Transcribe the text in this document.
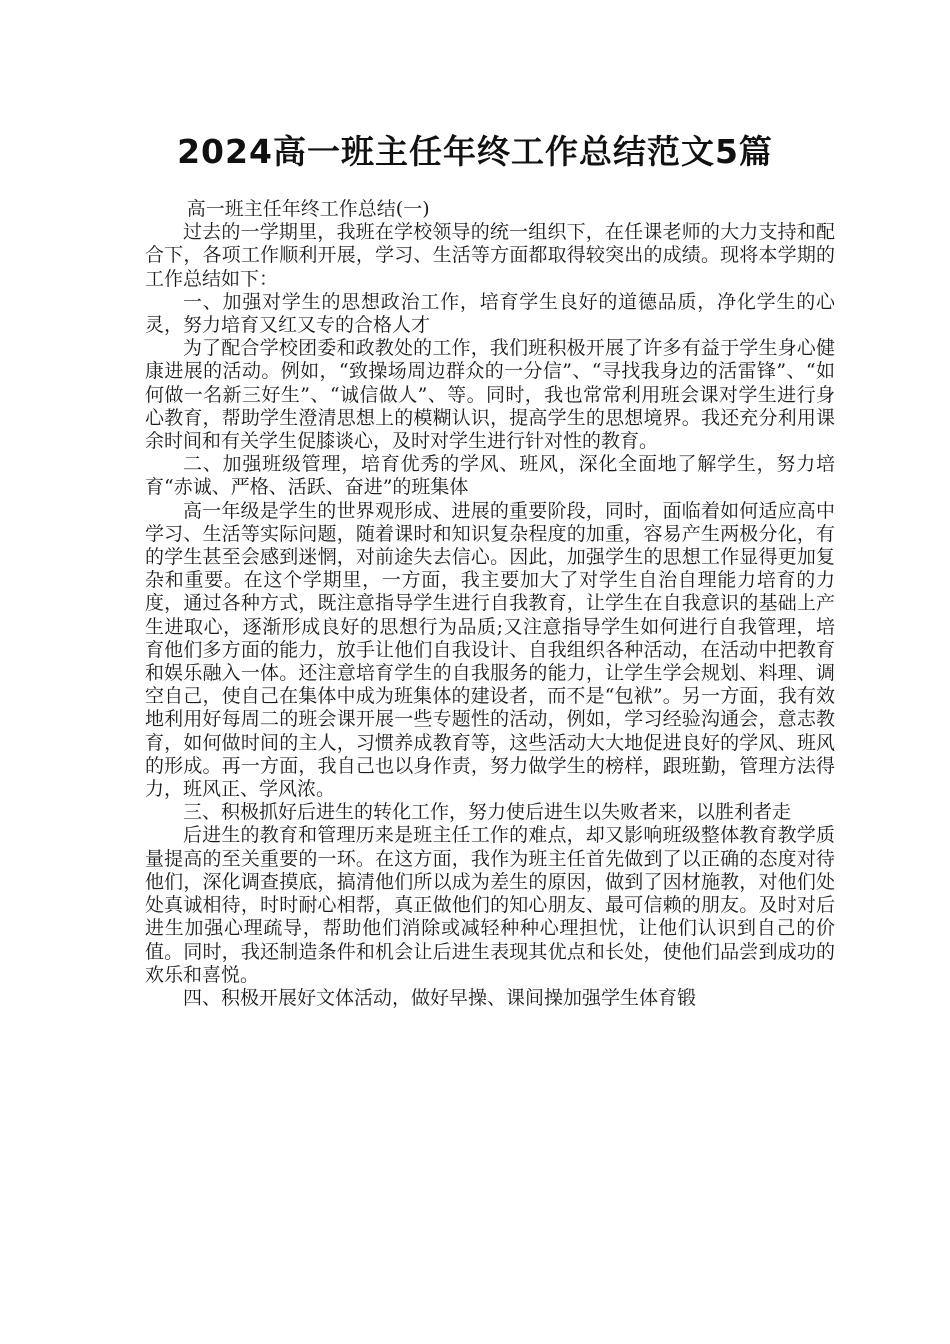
2024高一班主任年终工作总结范文5篇

高一班主任年终工作总结(一)

过去的一学期里，我班在学校领导的统一组织下，在任课老师的大力支持和配合下，各项工作顺利开展，学习、生活等方面都取得较突出的成绩。现将本学期的工作总结如下：

一、加强对学生的思想政治工作，培育学生良好的道德品质，净化学生的心灵，努力培育又红又专的合格人才

为了配合学校团委和政教处的工作，我们班积极开展了许多有益于学生身心健康进展的活动。例如，“致操场周边群众的一分信”、“寻找我身边的活雷锋”、“如何做一名新三好生”、“诚信做人”、等。同时，我也常常利用班会课对学生进行身心教育，帮助学生澄清思想上的模糊认识，提高学生的思想境界。我还充分利用课余时间和有关学生促膝谈心，及时对学生进行针对性的教育。

二、加强班级管理，培育优秀的学风、班风，深化全面地了解学生，努力培育“赤诚、严格、活跃、奋进”的班集体

高一年级是学生的世界观形成、进展的重要阶段，同时，面临着如何适应高中学习、生活等实际问题，随着课时和知识复杂程度的加重，容易产生两极分化，有的学生甚至会感到迷惘，对前途失去信心。因此，加强学生的思想工作显得更加复杂和重要。在这个学期里，一方面，我主要加大了对学生自治自理能力培育的力度，通过各种方式，既注意指导学生进行自我教育，让学生在自我意识的基础上产生进取心，逐渐形成良好的思想行为品质;又注意指导学生如何进行自我管理，培育他们多方面的能力，放手让他们自我设计、自我组织各种活动，在活动中把教育和娱乐融入一体。还注意培育学生的自我服务的能力，让学生学会规划、料理、调空自己，使自己在集体中成为班集体的建设者，而不是“包袱”。另一方面，我有效地利用好每周二的班会课开展一些专题性的活动，例如，学习经验沟通会，意志教育，如何做时间的主人，习惯养成教育等，这些活动大大地促进良好的学风、班风的形成。再一方面，我自己也以身作责，努力做学生的榜样，跟班勤，管理方法得力，班风正、学风浓。

三、积极抓好后进生的转化工作，努力使后进生以失败者来，以胜利者走

后进生的教育和管理历来是班主任工作的难点，却又影响班级整体教育教学质量提高的至关重要的一环。在这方面，我作为班主任首先做到了以正确的态度对待他们，深化调查摸底，搞清他们所以成为差生的原因，做到了因材施教，对他们处处真诚相待，时时耐心相帮，真正做他们的知心朋友、最可信赖的朋友。及时对后进生加强心理疏导，帮助他们消除或减轻种种心理担忧，让他们认识到自己的价值。同时，我还制造条件和机会让后进生表现其优点和长处，使他们品尝到成功的欢乐和喜悦。

四、积极开展好文体活动，做好早操、课间操加强学生体育锻
